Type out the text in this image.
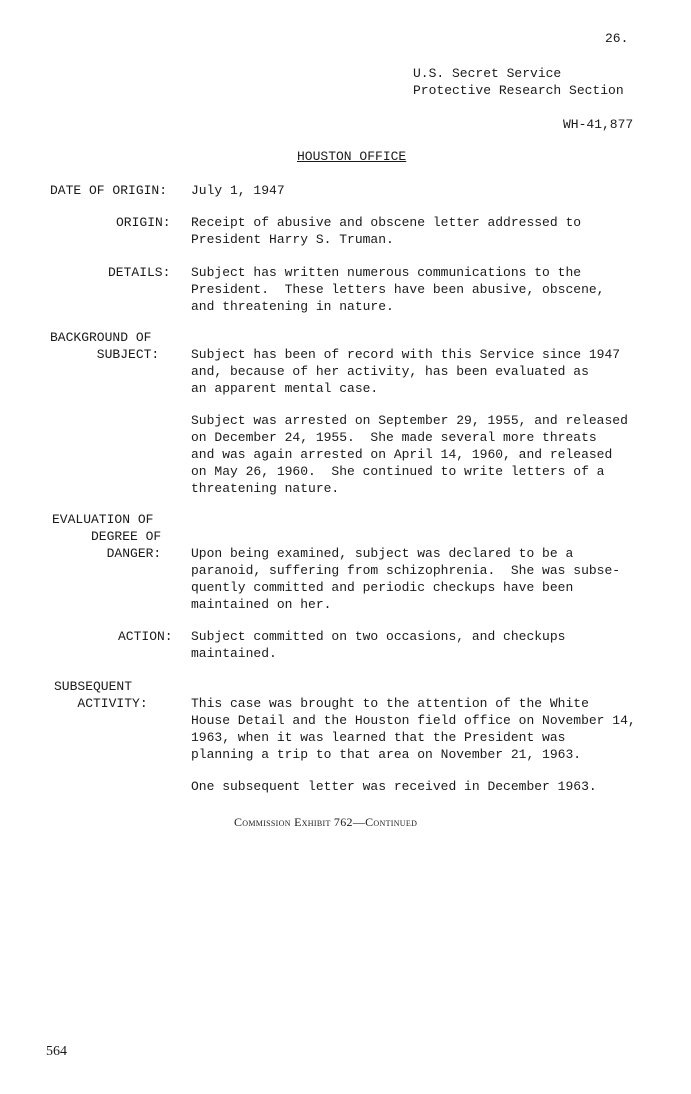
26.
U.S. Secret Service
Protective Research Section
WH-41,877
HOUSTON OFFICE
DATE OF ORIGIN:	July 1, 1947
ORIGIN: Receipt of abusive and obscene letter addressed to
President Harry S. Truman.
DETAILS: Subject has written numerous communications to the
President.  These letters have been abusive, obscene,
and threatening in nature.
BACKGROUND OF
SUBJECT: Subject has been of record with this Service since 1947
and, because of her activity, has been evaluated as
an apparent mental case.
Subject was arrested on September 29, 1955, and released
on December 24, 1955.  She made several more threats
and was again arrested on April 14, 1960, and released
on May 26, 1960.  She continued to write letters of a
threatening nature.
EVALUATION OF
DEGREE OF
DANGER: Upon being examined, subject was declared to be a
paranoid, suffering from schizophrenia.  She was subse-
quently committed and periodic checkups have been
maintained on her.
ACTION: Subject committed on two occasions, and checkups
maintained.
SUBSEQUENT
ACTIVITY:	This case was brought to the attention of the White
House Detail and the Houston field office on November 14,
1963, when it was learned that the President was
planning a trip to that area on November 21, 1963.
One subsequent letter was received in December 1963.
Commission Exhibit 762—Continued
564
